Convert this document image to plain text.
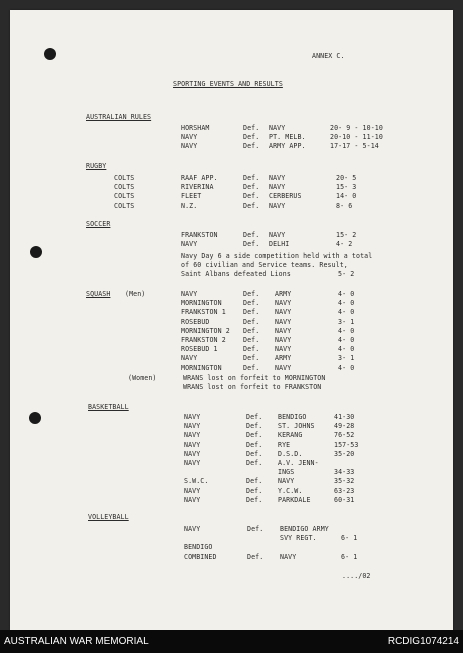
ANNEX C.
SPORTING EVENTS AND RESULTS
AUSTRALIAN RULES
HORSHAM	Def. NAVY	20- 9 - 10-10
NAVY	Def. PT. MELB.	20-10 - 11-10
NAVY	Def. ARMY APP.	17-17 - 5-14
RUGBY
COLTS	RAAF APP.	Def. NAVY	20- 5
COLTS	RIVERINA	Def. NAVY	15- 3
COLTS	FLEET	Def. CERBERUS	14- 0
COLTS	N.Z.	Def. NAVY	8- 6
SOCCER
FRANKSTON	Def. NAVY	15- 2
NAVY	Def. DELHI	4- 2
Navy Day 6 a side competition held with a total
of 60 civilian and Service teams. Result,
Saint Albans defeated Lions	5- 2
SQUASH (Men)	NAVY	Def. ARMY	4- 0
MORNINGTON	Def. NAVY	4- 0
FRANKSTON 1	Def. NAVY	4- 0
ROSEBUD	Def. NAVY	3- 1
MORNINGTON 2 Def. NAVY	4- 0
FRANKSTON 2	Def. NAVY	4- 0
ROSEBUD 1	Def. NAVY	4- 0
NAVY	Def. ARMY	3- 1
MORNINGTON	Def. NAVY	4- 0
(Women)	WRANS lost on forfeit to MORNINGTON
WRANS lost on forfeit to FRANKSTON
BASKETBALL
NAVY	Def. BENDIGO	41-30
NAVY	Def. ST. JOHNS	49-28
NAVY	Def. KERANG	76-52
NAVY	Def. RYE	157-53
NAVY	Def. D.S.D.	35-20
NAVY	Def. A.V. JENN-
INGS	34-33
S.W.C.	Def. NAVY	35-32
NAVY	Def. Y.C.W.	63-23
NAVY	Def. PARKDALE	60-31
VOLLEYBALL
NAVY	Def.	BENDIGO ARMY
SVY REGT.	6- 1
BENDIGO
COMBINED	Def.	NAVY	6- 1
..../02
AUSTRALIAN WAR MEMORIAL	RCDIG1074214
